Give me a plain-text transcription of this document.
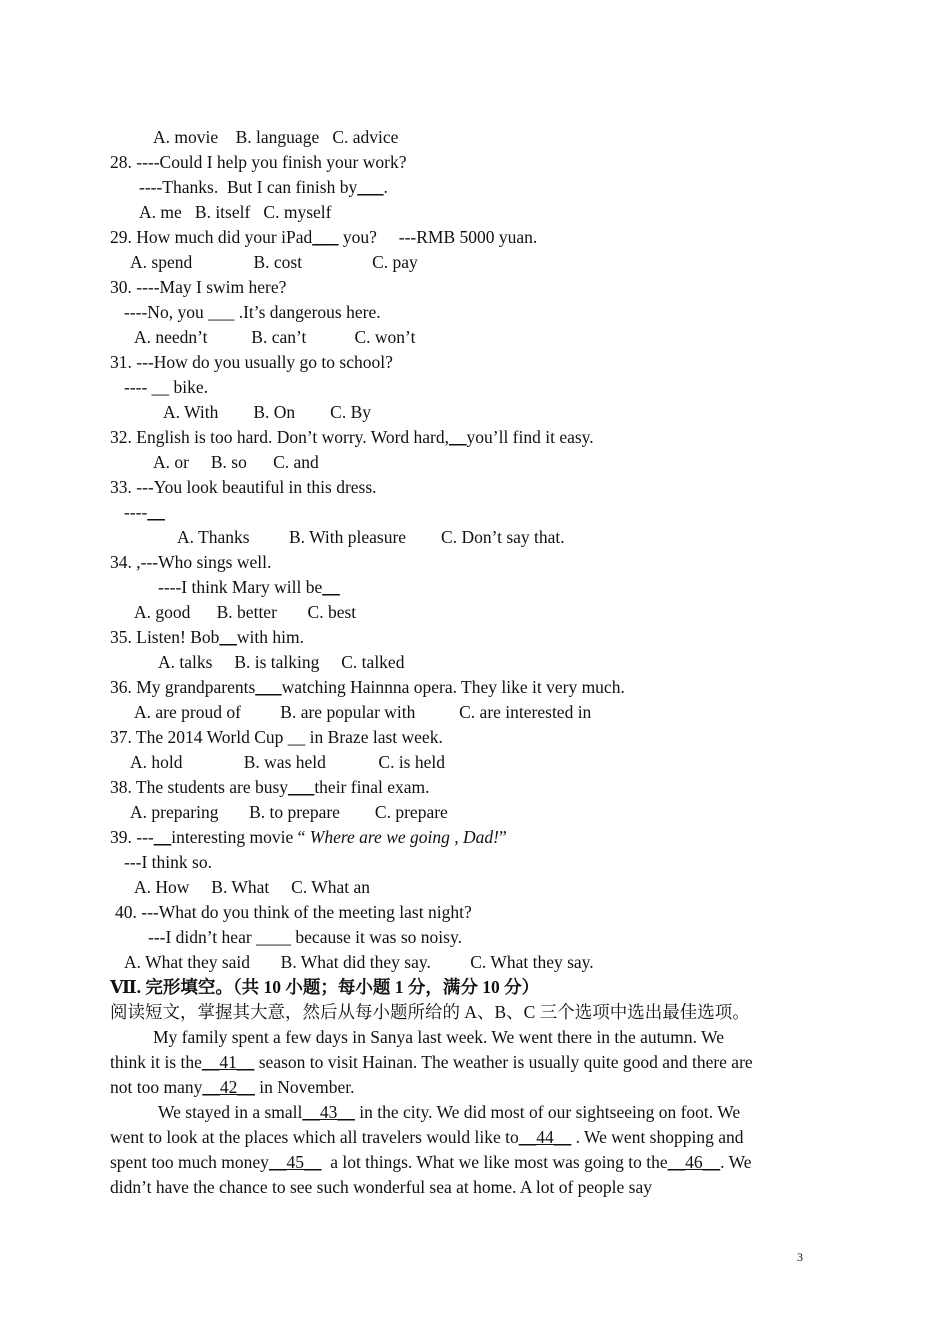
A. movie    B. language   C. advice
28. ----Could I help you finish your work?
----Thanks.  But I can finish by___.
A. me   B. itself   C. myself
29. How much did your iPad___ you?     ---RMB 5000 yuan.
A. spend              B. cost                C. pay
30. ----May I swim here?
----No, you ___ .It’s dangerous here.
A. needn’t          B. can’t           C. won’t
31. ---How do you usually go to school?
---- __ bike.
A. With        B. On        C. By
32. English is too hard. Don’t worry. Word hard,__you’ll find it easy.
A. or     B. so      C. and
33. ---You look beautiful in this dress.
----__
A. Thanks         B. With pleasure        C. Don’t say that.
34. ,---Who sings well.
----I think Mary will be__
A. good      B. better       C. best
35. Listen! Bob__with him.
A. talks     B. is talking     C. talked
36. My grandparents___watching Hainnna opera. They like it very much.
A. are proud of         B. are popular with          C. are interested in
37. The 2014 World Cup __ in Braze last week.
A. hold              B. was held            C. is held
38. The students are busy___their final exam.
A. preparing       B. to prepare        C. prepare
39. ---__interesting movie “ Where are we going , Dad!”
---I think so.
A. How     B. What     C. What an
40. ---What do you think of the meeting last night?
---I didn’t hear ____ because it was so noisy.
A. What they said       B. What did they say.         C. What they say.
Ⅶ. 完形填空。（共 10 小题；每小题 1 分，满分 10 分）
阅读短文，掌握其大意，然后从每小题所给的 A、B、C 三个选项中选出最佳选项。
My family spent a few days in Sanya last week. We went there in the autumn. We
think it is the__41__ season to visit Hainan. The weather is usually quite good and there are
not too many__42__ in November.
We stayed in a small__43__ in the city. We did most of our sightseeing on foot. We
went to look at the places which all travelers would like to__44__ . We went shopping and
spent too much money__45__  a lot things. What we like most was going to the__46__. We
didn’t have the chance to see such wonderful sea at home. A lot of people say
3
